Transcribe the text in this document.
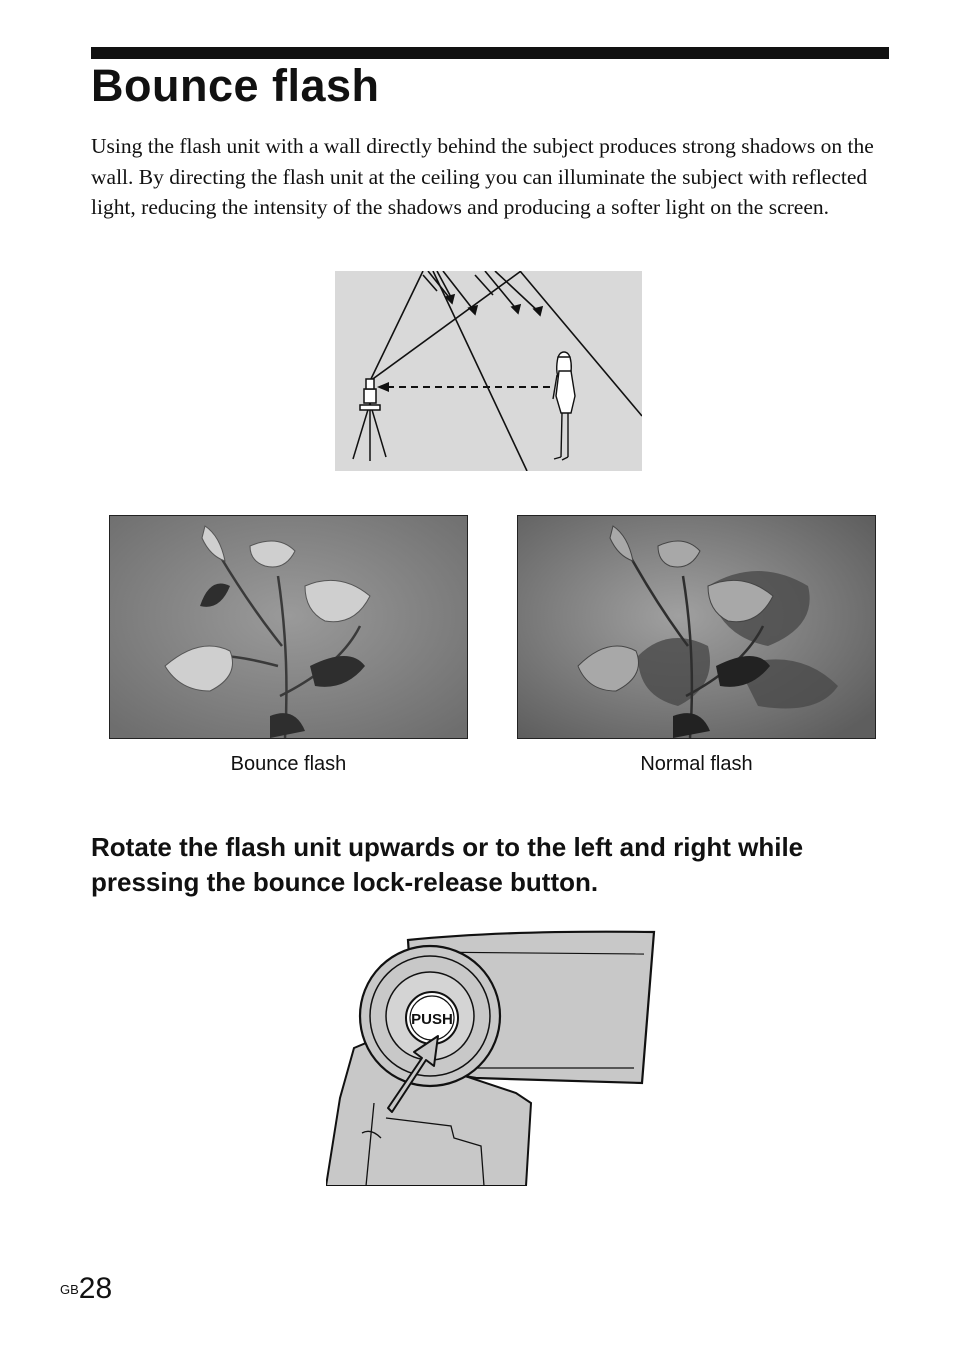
Bounce flash

Using the flash unit with a wall directly behind the subject produces strong shadows on the wall. By directing the flash unit at the ceiling you can illuminate the subject with reflected light, reducing the intensity of the shadows and producing a softer light on the screen.

Bounce flash	Normal flash
Rotate the flash unit upwards or to the left and right while pressing the bounce lock-release button.
PUSH
$^{GB}$28
